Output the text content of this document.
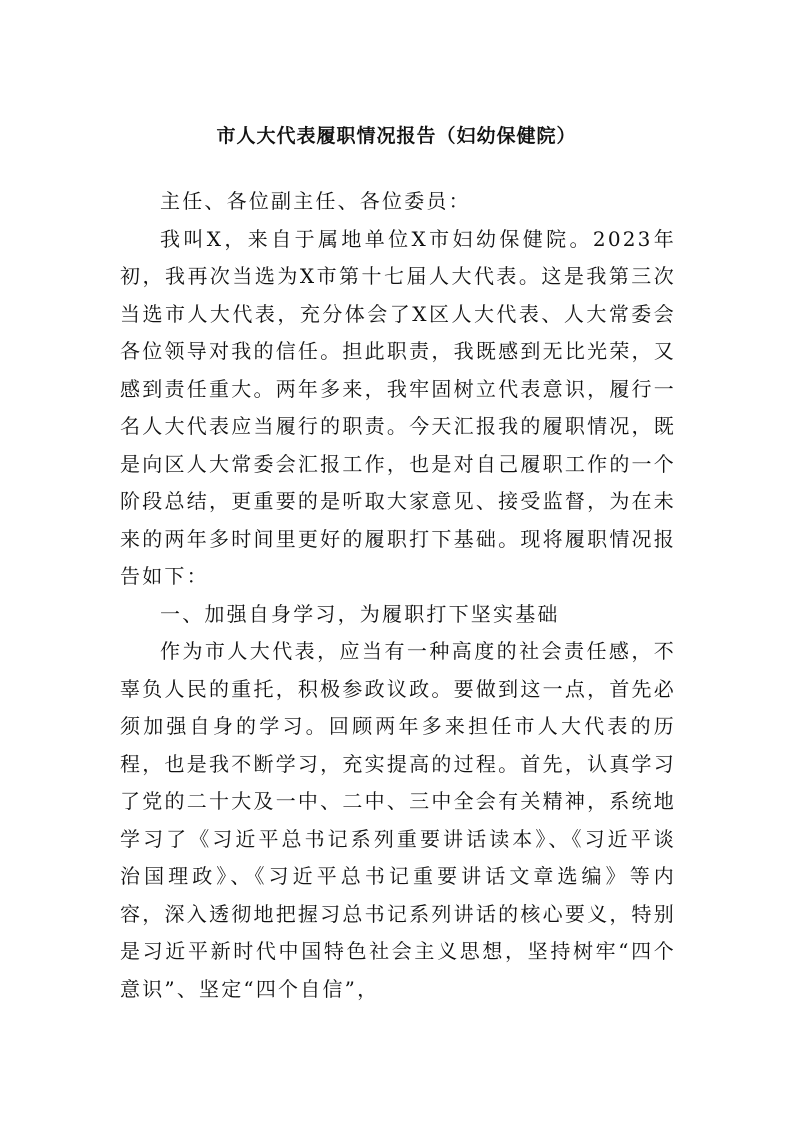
市人大代表履职情况报告（妇幼保健院）

主任、各位副主任、各位委员：

我叫X，来自于属地单位X市妇幼保健院。2023年初，我再次当选为X市第十七届人大代表。这是我第三次当选市人大代表，充分体会了X区人大代表、人大常委会各位领导对我的信任。担此职责，我既感到无比光荣，又感到责任重大。两年多来，我牢固树立代表意识，履行一名人大代表应当履行的职责。今天汇报我的履职情况，既是向区人大常委会汇报工作，也是对自己履职工作的一个阶段总结，更重要的是听取大家意见、接受监督，为在未来的两年多时间里更好的履职打下基础。现将履职情况报告如下：

一、加强自身学习，为履职打下坚实基础

作为市人大代表，应当有一种高度的社会责任感，不辜负人民的重托，积极参政议政。要做到这一点，首先必须加强自身的学习。回顾两年多来担任市人大代表的历程，也是我不断学习，充实提高的过程。首先，认真学习了党的二十大及一中、二中、三中全会有关精神，系统地学习了《习近平总书记系列重要讲话读本》、《习近平谈治国理政》、《习近平总书记重要讲话文章选编》等内容，深入透彻地把握习总书记系列讲话的核心要义，特别是习近平新时代中国特色社会主义思想，坚持树牢“四个意识”、坚定“四个自信”，
